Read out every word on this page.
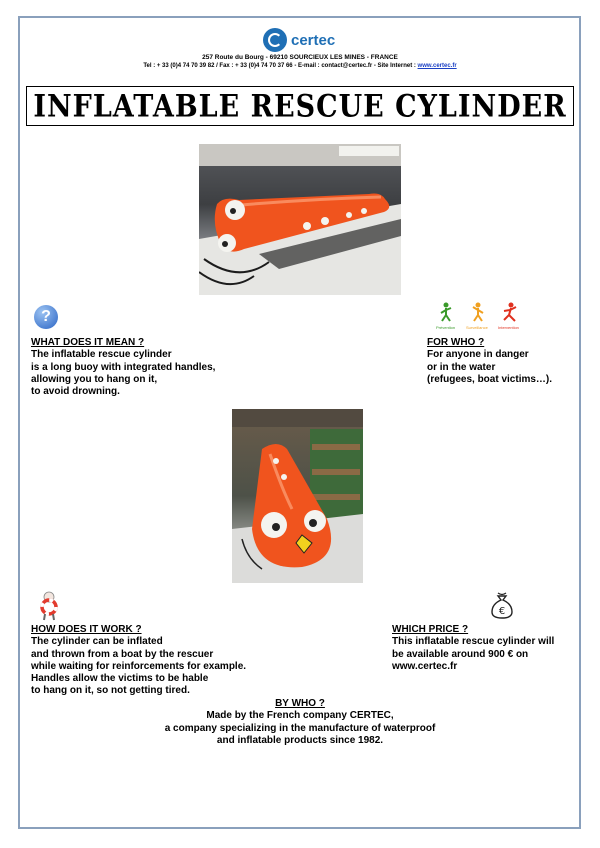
certec
257 Route du Bourg - 69210 SOURCIEUX LES MINES - FRANCE
Tel : + 33 (0)4 74 70 39 82 / Fax : + 33 (0)4 74 70 37 66 - E-mail : contact@certec.fr - Site Internet : www.certec.fr
INFLATABLE RESCUE CYLINDER
?
Prévention	Surveillance	Intervention
WHAT DOES IT MEAN ?
The inflatable rescue cylinder
is a long buoy with integrated handles,
allowing you to hang on it,
to avoid drowning.
FOR WHO ?
For anyone in danger
or in the water
(refugees, boat victims…).
€
HOW DOES IT WORK ?
The cylinder can be inflated
and thrown from a boat by the rescuer
while waiting for reinforcements for example.
Handles allow the victims to be hable
to hang on it, so not getting tired.
WHICH PRICE ?
This inflatable rescue cylinder will
be available around 900 € on
www.certec.fr
BY WHO ?
Made by the French company CERTEC,
a company specializing in the manufacture of waterproof
and inflatable products since 1982.
